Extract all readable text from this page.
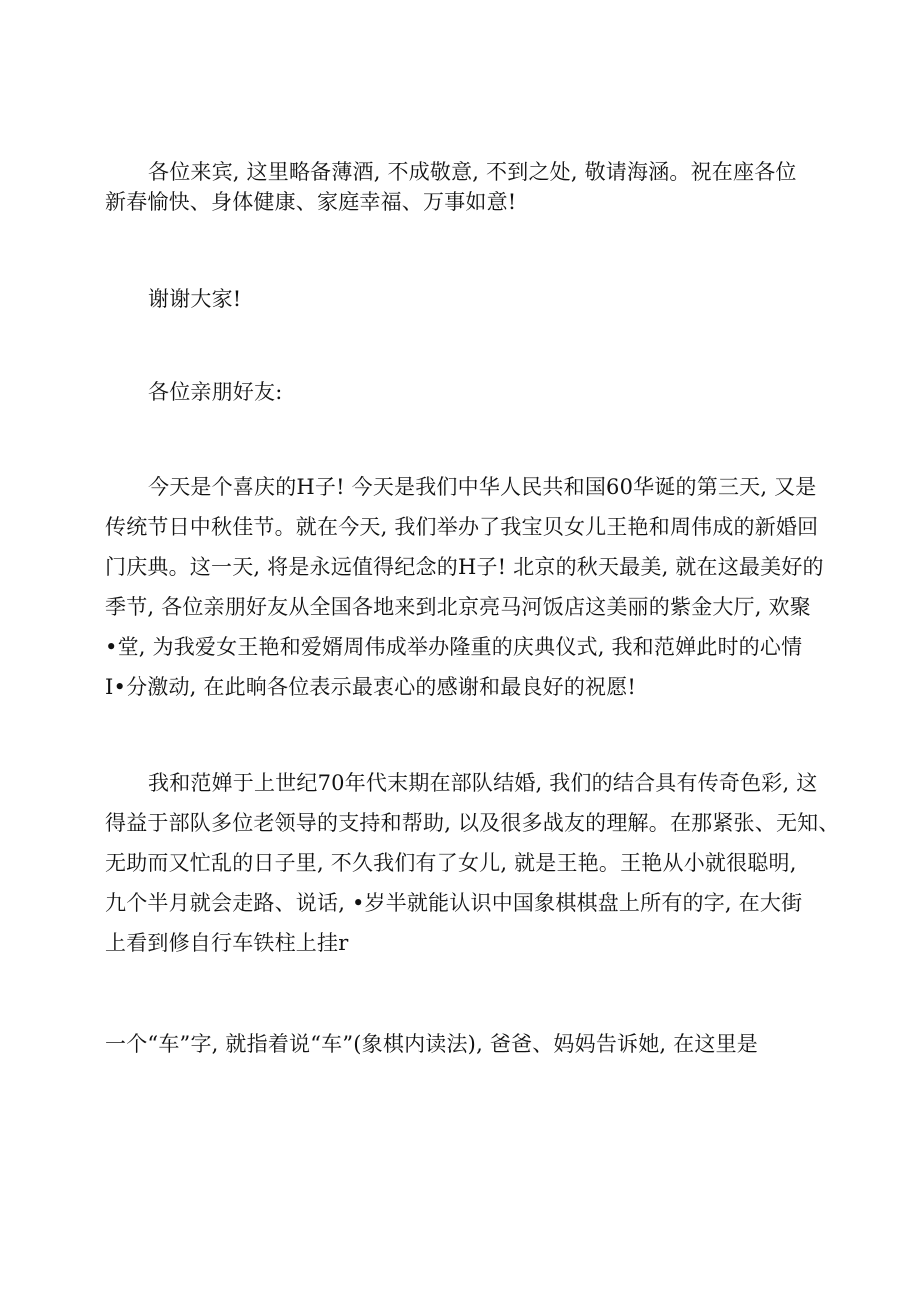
各位来宾, 这里略备薄酒, 不成敬意, 不到之处, 敬请海涵。祝在座各位
新春愉快、身体健康、家庭幸福、万事如意!
谢谢大家!
各位亲朋好友:
今天是个喜庆的H子! 今天是我们中华人民共和国60华诞的第三天, 又是
传统节日中秋佳节。就在今天, 我们举办了我宝贝女儿王艳和周伟成的新婚回
门庆典。这一天, 将是永远值得纪念的H子! 北京的秋天最美, 就在这最美好的
季节, 各位亲朋好友从全国各地来到北京亮马河饭店这美丽的紫金大厅, 欢聚
•堂, 为我爱女王艳和爱婿周伟成举办隆重的庆典仪式, 我和范婵此时的心情
I•分激动, 在此晌各位表示最衷心的感谢和最良好的祝愿!
我和范婵于上世纪70年代末期在部队结婚, 我们的结合具有传奇色彩, 这
得益于部队多位老领导的支持和帮助, 以及很多战友的理解。在那紧张、无知、
无助而又忙乱的日子里, 不久我们有了女儿, 就是王艳。王艳从小就很聪明,
九个半月就会走路、说话, •岁半就能认识中国象棋棋盘上所有的字, 在大街
上看到修自行车铁柱上挂r
一个“车”字, 就指着说“车”(象棋内读法), 爸爸、妈妈告诉她, 在这里是
